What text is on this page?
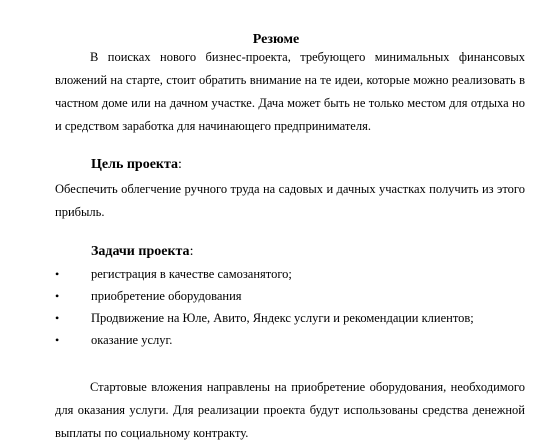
Резюме

В поисках нового бизнес-проекта, требующего минимальных финансовых вложений на старте, стоит обратить внимание на те идеи, которые можно реализовать в частном доме или на дачном участке. Дача может быть не только местом для отдыха но и средством заработка для начинающего предпринимателя.

Цель проекта:

Обеспечить облегчение ручного труда на садовых и дачных участках получить из этого прибыль.

Задачи проекта:
•	регистрация в качестве самозанятого;
•	приобретение оборудования
•	Продвижение на Юле, Авито, Яндекс услуги и рекомендации клиентов;
•	оказание услуг.

Стартовые вложения направлены на приобретение оборудования, необходимого для оказания услуги. Для реализации проекта будут использованы средства денежной выплаты по социальному контракту.
